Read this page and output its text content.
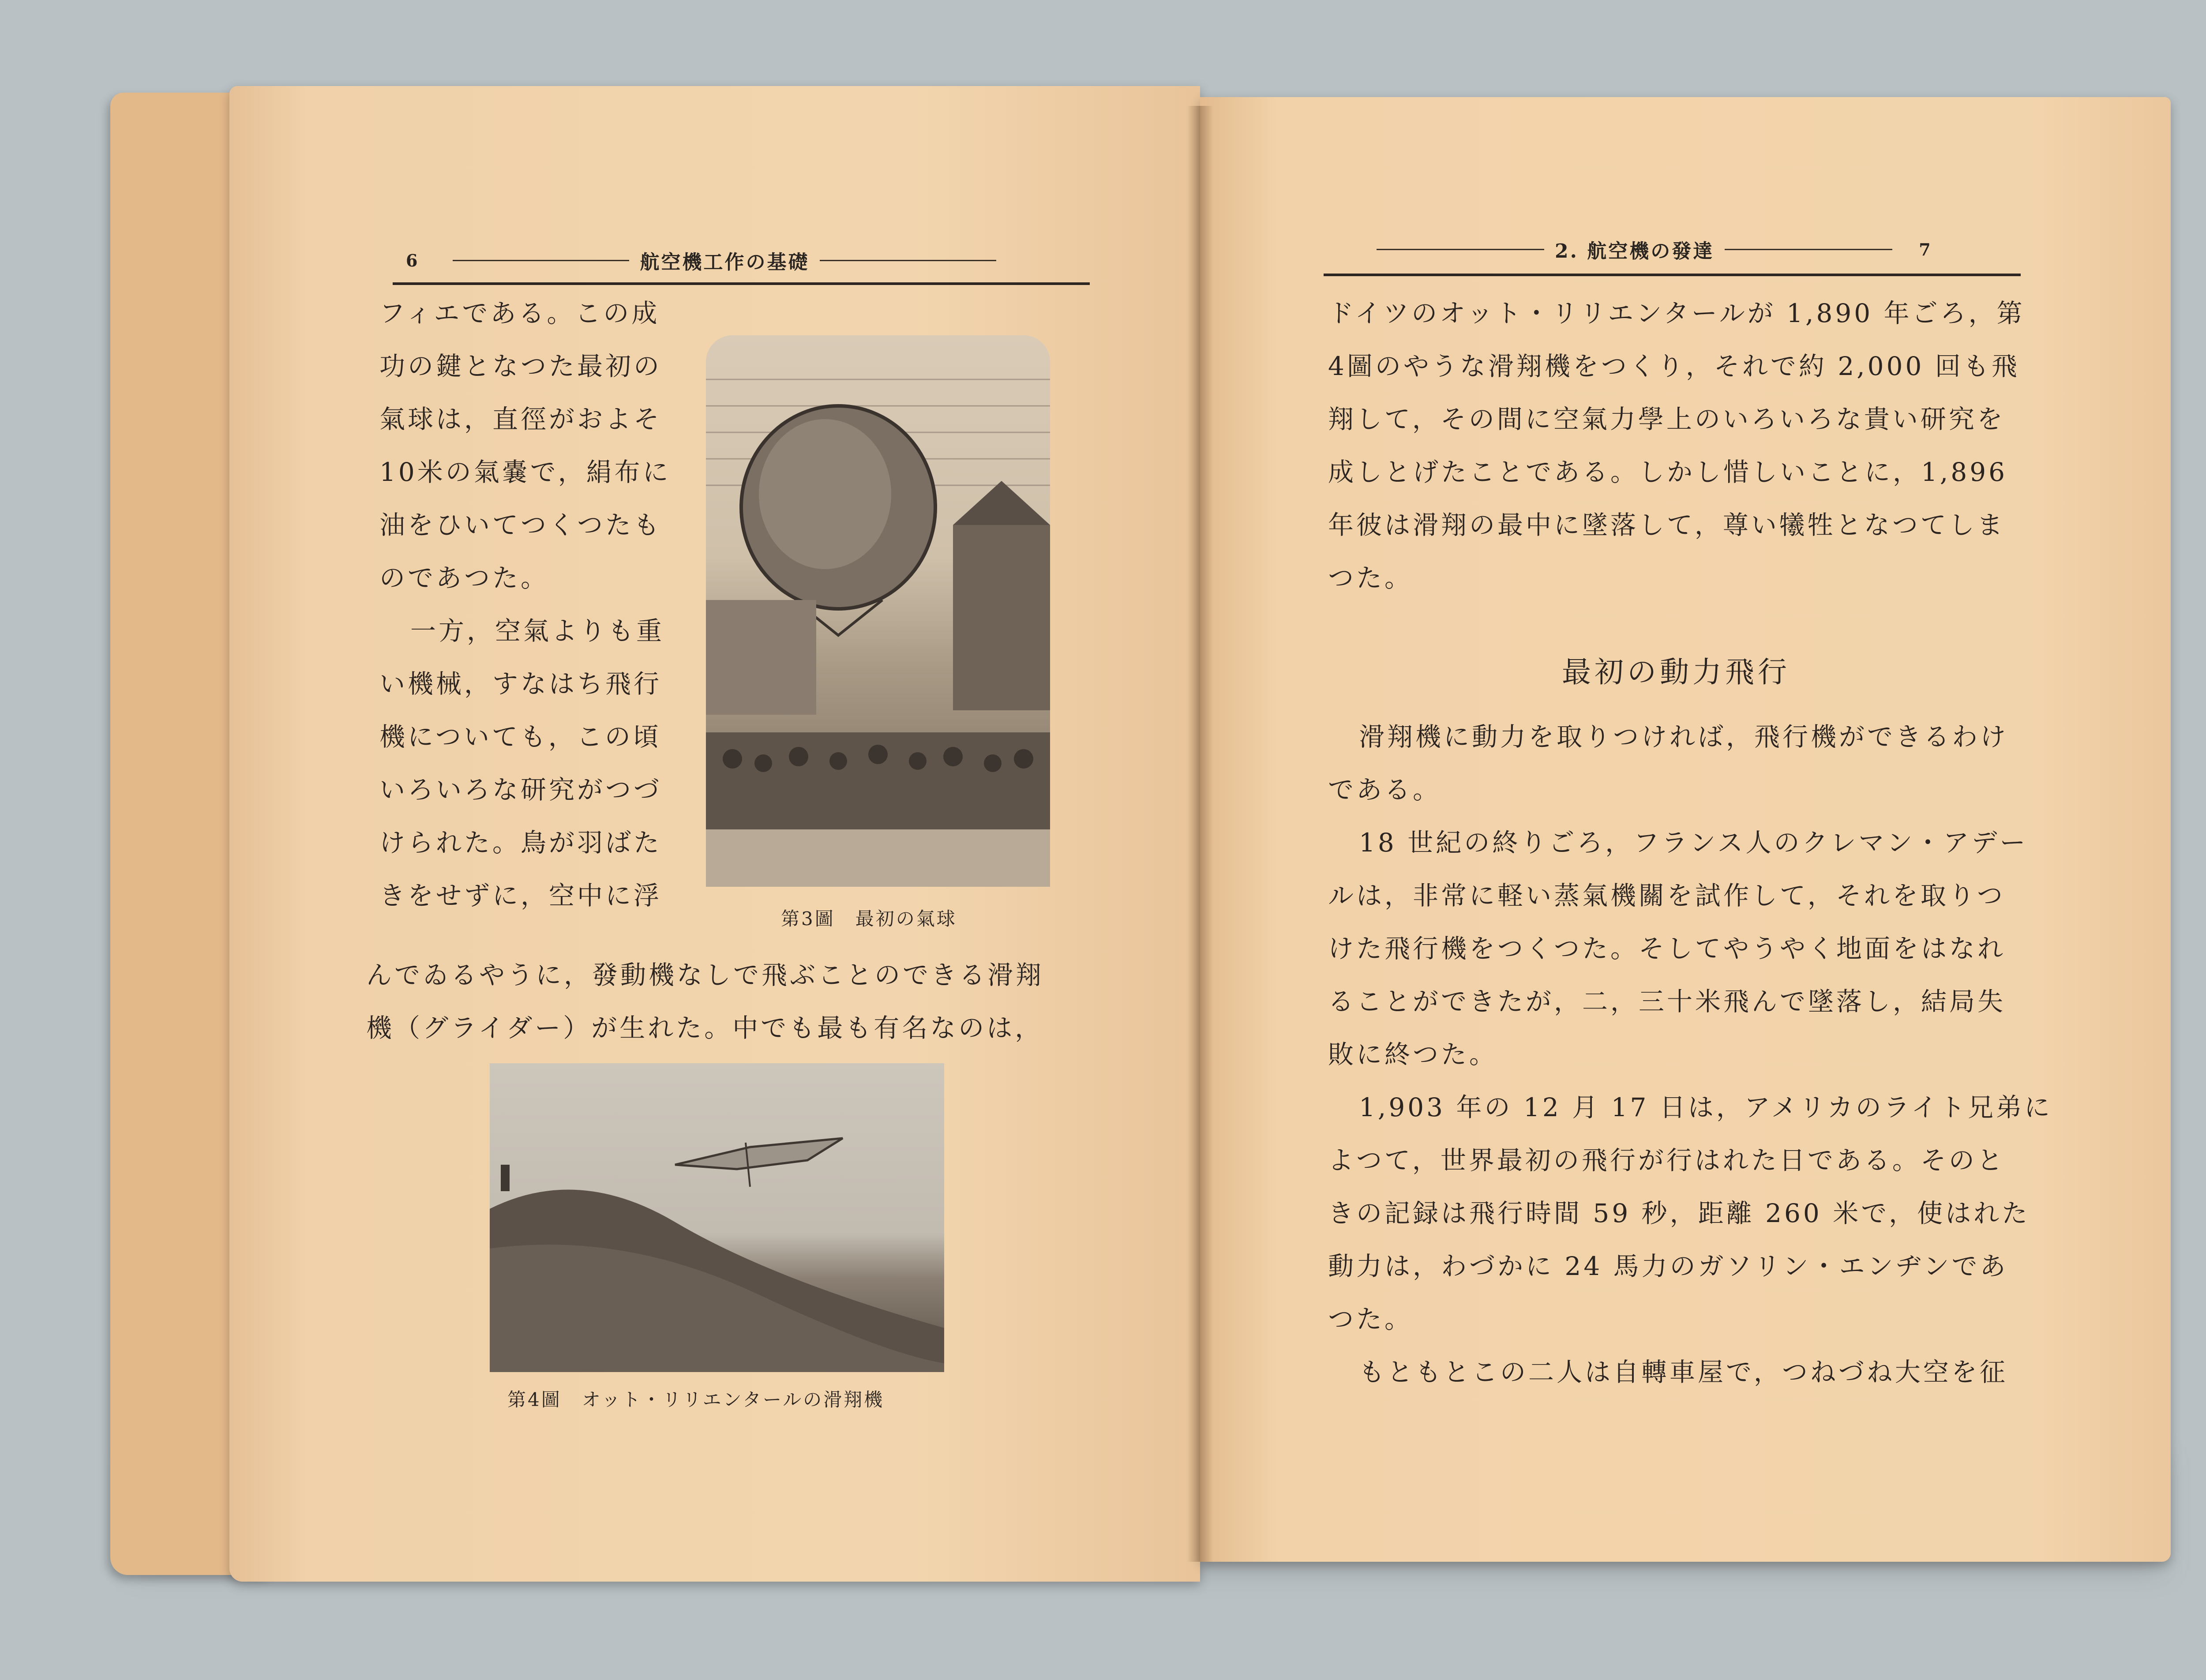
6	航空機工作の基礎
フィエである。この成
功の鍵となつた最初の
氣球は，直徑がおよそ
10米の氣嚢で，絹布に
油をひいてつくつたも
のであつた。
一方，空氣よりも重
い機械，すなはち飛行
機についても，この頃
いろいろな研究がつづ
けられた。鳥が羽ばた
きをせずに，空中に浮
第3圖　最初の氣球
んでゐるやうに，發動機なしで飛ぶことのできる滑翔
機（グライダー）が生れた。中でも最も有名なのは，
第4圖　オット・リリエンタールの滑翔機
2. 航空機の發達	7
ドイツのオット・リリエンタールが 1,890 年ごろ，第
4圖のやうな滑翔機をつくり，それで約 2,000 回も飛
翔して，その間に空氣力學上のいろいろな貴い研究を
成しとげたことである。しかし惜しいことに，1,896
年彼は滑翔の最中に墜落して，尊い犧牲となつてしま
つた。
最初の動力飛行
滑翔機に動力を取りつければ，飛行機ができるわけ
である。
18 世紀の終りごろ，フランス人のクレマン・アデー
ルは，非常に軽い蒸氣機關を試作して，それを取りつ
けた飛行機をつくつた。そしてやうやく地面をはなれ
ることができたが，二，三十米飛んで墜落し，結局失
敗に終つた。
1,903 年の 12 月 17 日は，アメリカのライト兄弟に
よつて，世界最初の飛行が行はれた日である。そのと
きの記録は飛行時間 59 秒，距離 260 米で，使はれた
動力は，わづかに 24 馬力のガソリン・エンヂンであ
つた。
もともとこの二人は自轉車屋で，つねづね大空を征
